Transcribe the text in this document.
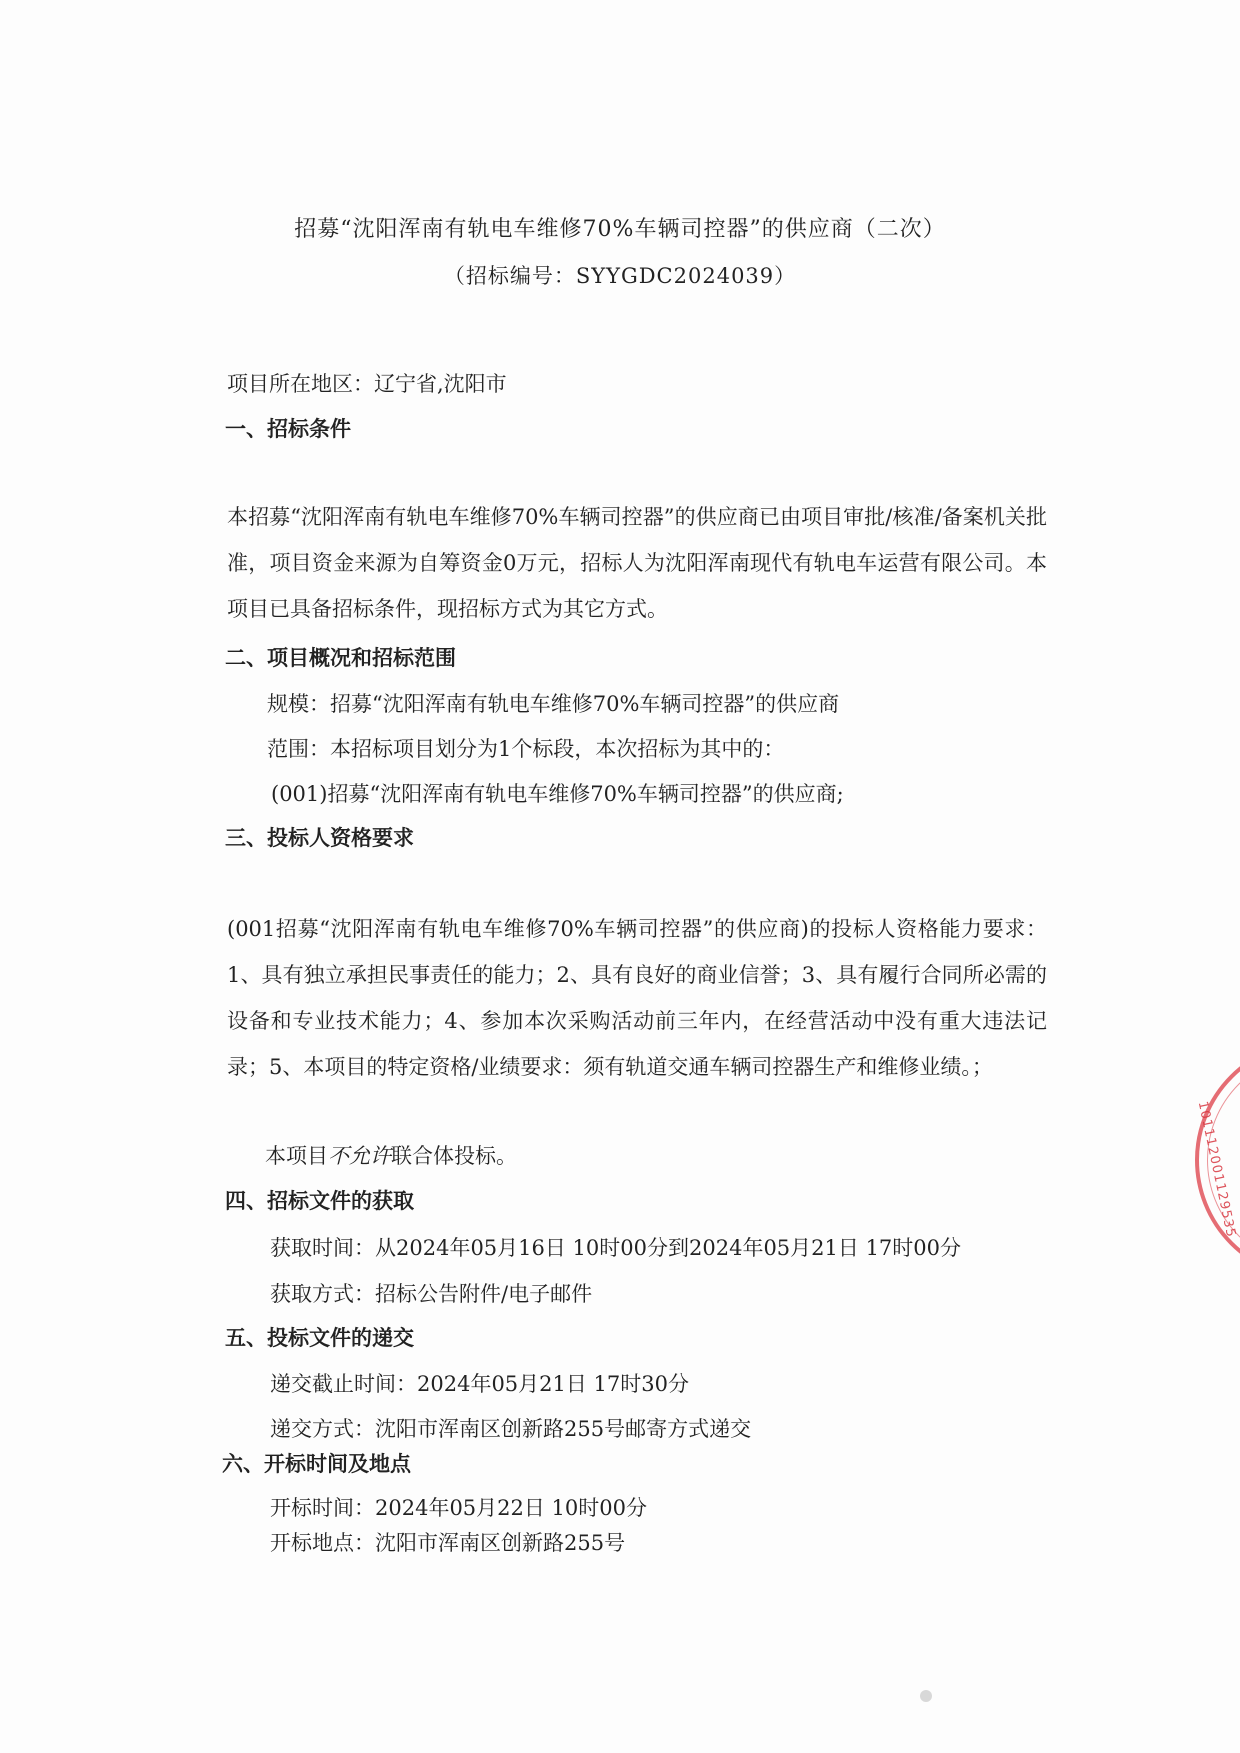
招募“沈阳浑南有轨电车维修70%车辆司控器”的供应商（二次）
（招标编号：SYYGDC2024039）
项目所在地区：辽宁省,沈阳市
一、招标条件
本招募“沈阳浑南有轨电车维修70%车辆司控器”的供应商已由项目审批/核准/备案机关批准，项目资金来源为自筹资金0万元，招标人为沈阳浑南现代有轨电车运营有限公司。本项目已具备招标条件，现招标方式为其它方式。
二、项目概况和招标范围
规模：招募“沈阳浑南有轨电车维修70%车辆司控器”的供应商
范围：本招标项目划分为1个标段，本次招标为其中的：
(001)招募“沈阳浑南有轨电车维修70%车辆司控器”的供应商;
三、投标人资格要求
(001招募“沈阳浑南有轨电车维修70%车辆司控器”的供应商)的投标人资格能力要求：1、具有独立承担民事责任的能力；2、具有良好的商业信誉；3、具有履行合同所必需的设备和专业技术能力；4、参加本次采购活动前三年内，在经营活动中没有重大违法记录；5、本项目的特定资格/业绩要求：须有轨道交通车辆司控器生产和维修业绩。；
本项目不允许联合体投标。
四、招标文件的获取
获取时间：从2024年05月16日 10时00分到2024年05月21日 17时00分
获取方式：招标公告附件/电子邮件
五、投标文件的递交
递交截止时间：2024年05月21日 17时30分
递交方式：沈阳市浑南区创新路255号邮寄方式递交
六、开标时间及地点
开标时间：2024年05月22日 10时00分
开标地点：沈阳市浑南区创新路255号
101112001129535
